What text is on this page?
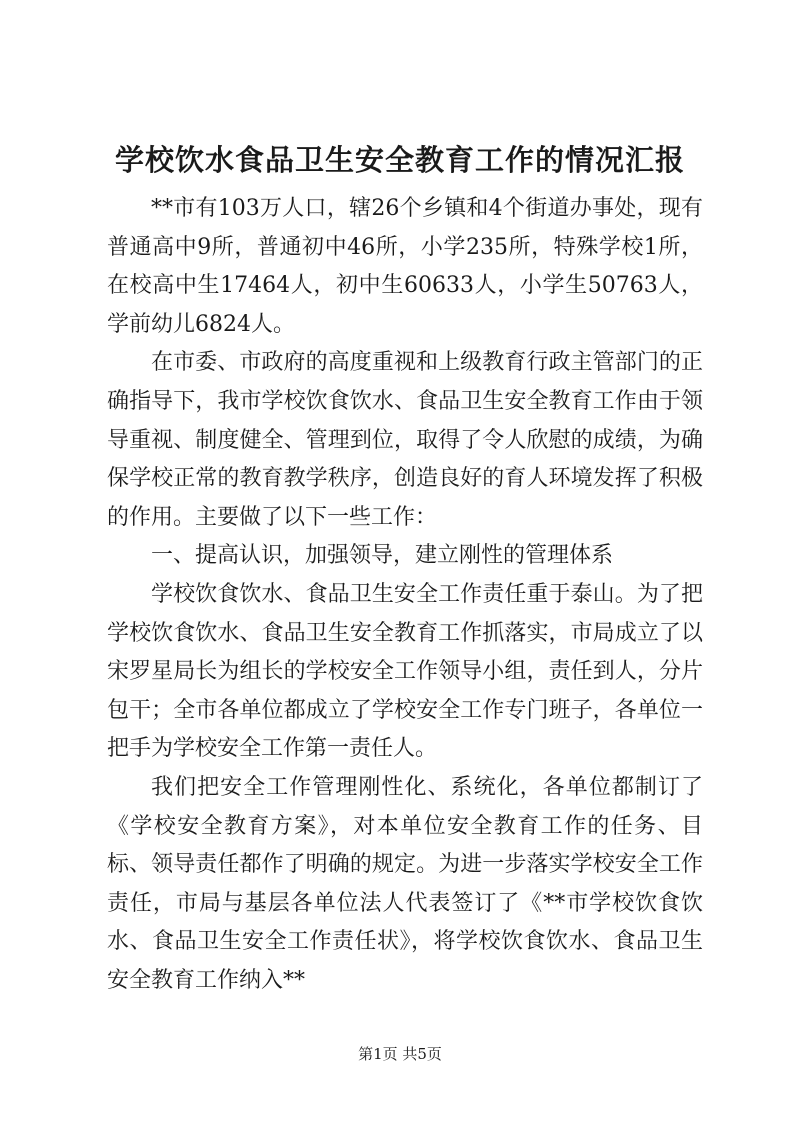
学校饮水食品卫生安全教育工作的情况汇报

**市有103万人口，辖26个乡镇和4个街道办事处，现有普通高中9所，普通初中46所，小学235所，特殊学校1所，在校高中生17464人，初中生60633人，小学生50763人，学前幼儿6824人。

在市委、市政府的高度重视和上级教育行政主管部门的正确指导下，我市学校饮食饮水、食品卫生安全教育工作由于领导重视、制度健全、管理到位，取得了令人欣慰的成绩，为确保学校正常的教育教学秩序，创造良好的育人环境发挥了积极的作用。主要做了以下一些工作：

一、提高认识，加强领导，建立刚性的管理体系

学校饮食饮水、食品卫生安全工作责任重于泰山。为了把学校饮食饮水、食品卫生安全教育工作抓落实，市局成立了以宋罗星局长为组长的学校安全工作领导小组，责任到人，分片包干；全市各单位都成立了学校安全工作专门班子，各单位一把手为学校安全工作第一责任人。

我们把安全工作管理刚性化、系统化，各单位都制订了《学校安全教育方案》，对本单位安全教育工作的任务、目标、领导责任都作了明确的规定。为进一步落实学校安全工作责任，市局与基层各单位法人代表签订了《**市学校饮食饮水、食品卫生安全工作责任状》，将学校饮食饮水、食品卫生安全教育工作纳入**

第1页 共5页
